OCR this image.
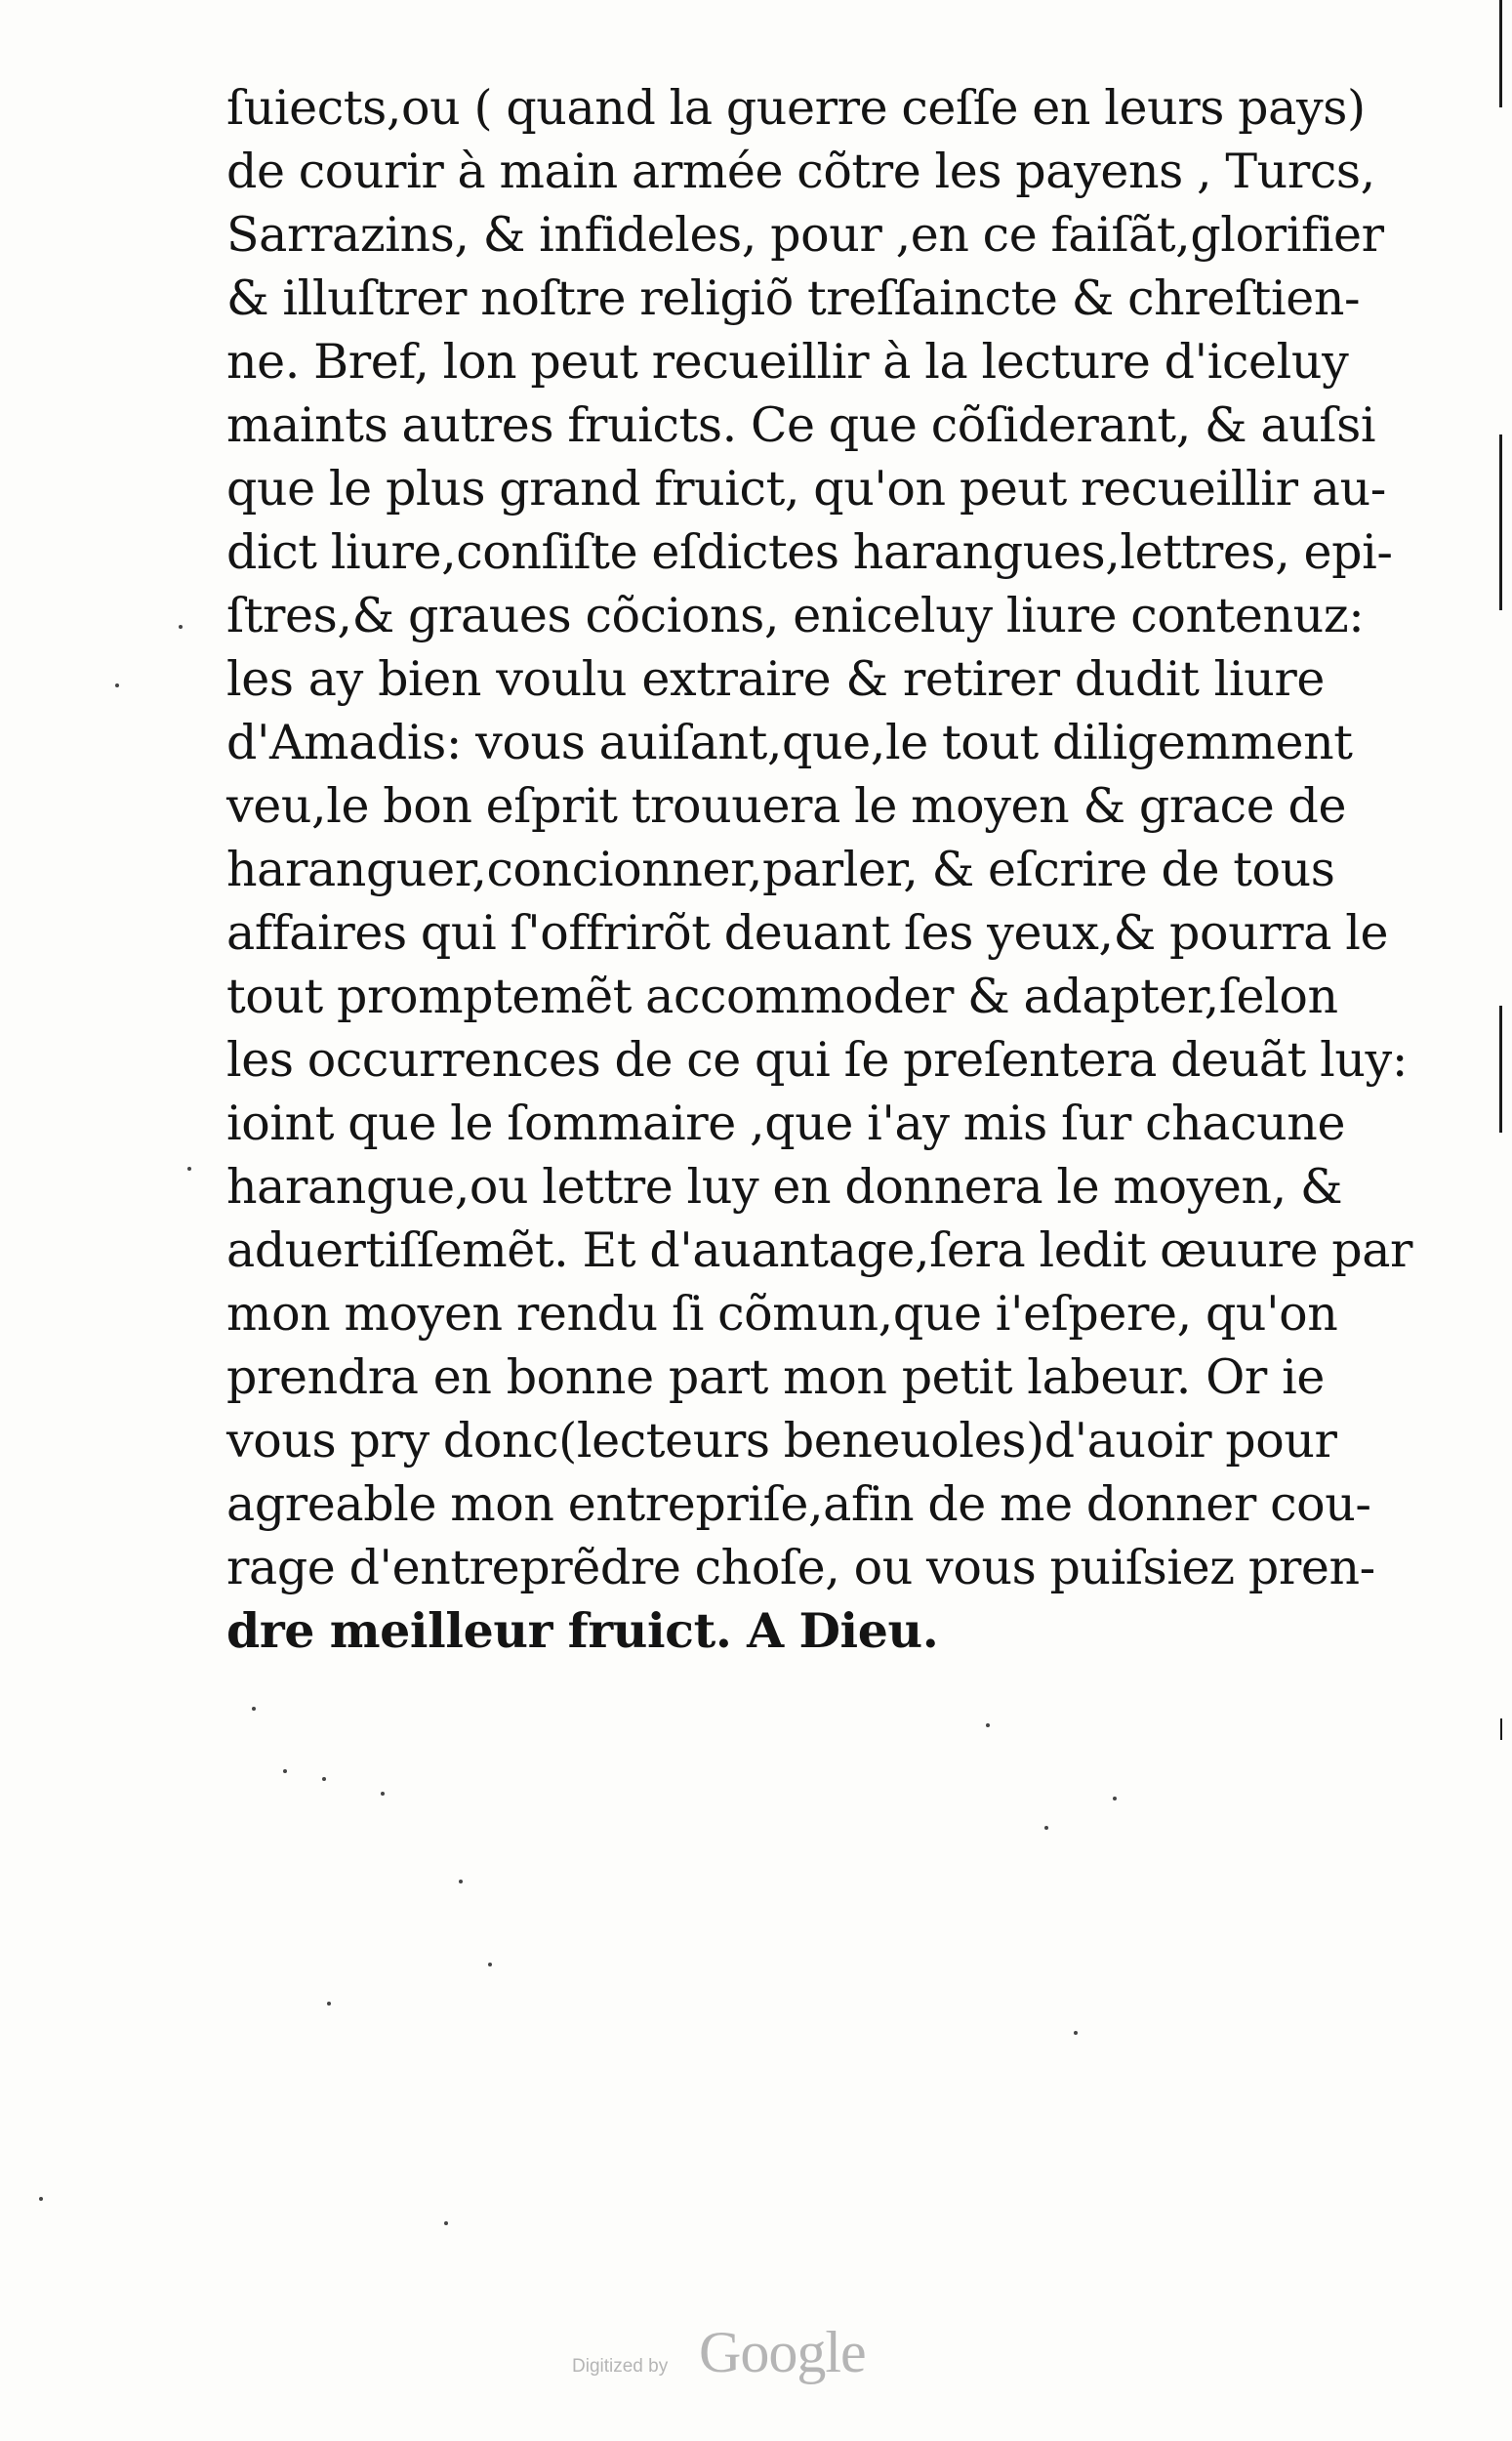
ſuiects,ou ( quand la guerre ceſſe en leurs pays)
de courir à main armée cõtre les payens , Turcs,
Sarrazins, & infideles, pour ,en ce faiſãt,glorifier
& illuſtrer noſtre religiõ treſſaincte & chreſtien-
ne. Bref, lon peut recueillir à la lecture d'iceluy
maints autres fruicts. Ce que cõſiderant, & auſsi
que le plus grand fruict, qu'on peut recueillir au-
dict liure,conſiſte eſdictes harangues,lettres, epi-
ſtres,& graues cõcions, eniceluy liure contenuz:
les ay bien voulu extraire & retirer dudit liure
d'Amadis: vous auiſant,que,le tout diligemment
veu,le bon eſprit trouuera le moyen & grace de
haranguer,concionner,parler, & eſcrire de tous
affaires qui ſ'offrirõt deuant ſes yeux,& pourra le
tout promptemẽt accommoder & adapter,ſelon
les occurrences de ce qui ſe preſentera deuãt luy:
ioint que le ſommaire ,que i'ay mis ſur chacune
harangue,ou lettre luy en donnera le moyen, &
aduertiſſemẽt. Et d'auantage,ſera ledit œuure par
mon moyen rendu ſi cõmun,que i'eſpere, qu'on
prendra en bonne part mon petit labeur. Or ie
vous pry donc(lecteurs beneuoles)d'auoir pour
agreable mon entrepriſe,afin de me donner cou-
rage d'entreprẽdre choſe, ou vous puiſsiez pren-
dre meilleur fruict. A Dieu.
Digitized by Google
